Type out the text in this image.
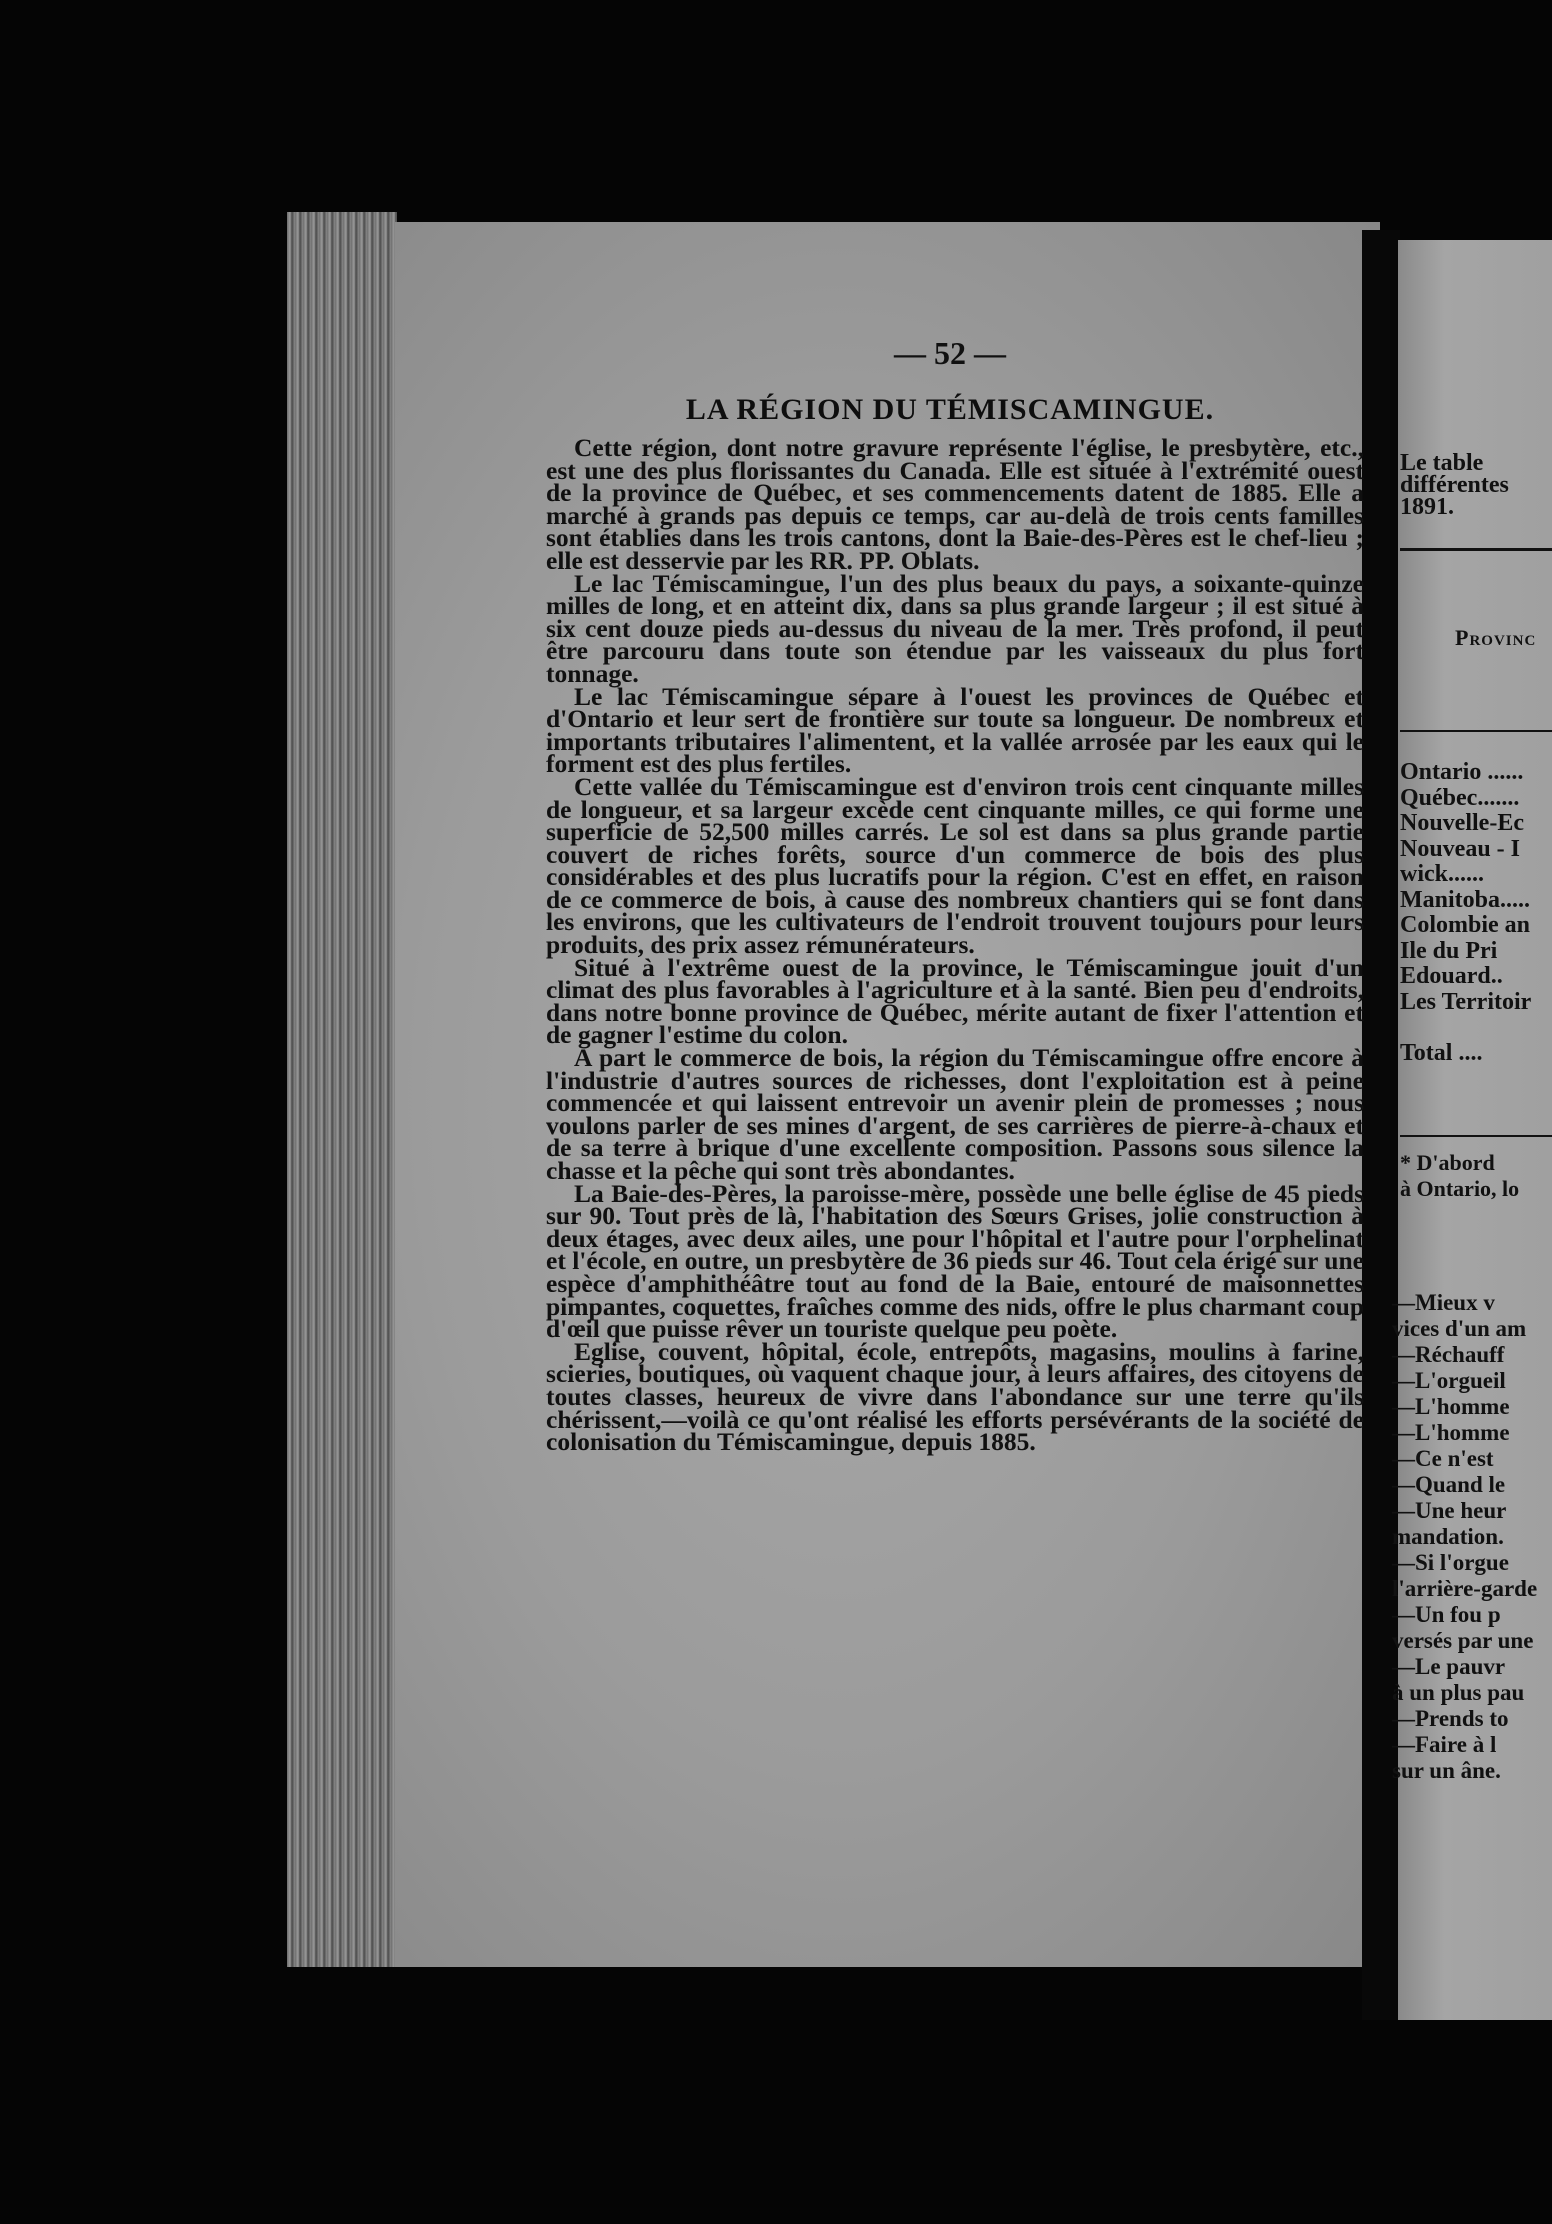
— 52 —
LA RÉGION DU TÉMISCAMINGUE.

Cette région, dont notre gravure représente l'église, le presbytère, etc., est une des plus florissantes du Canada. Elle est située à l'extrémité ouest de la province de Québec, et ses commencements datent de 1885. Elle a marché à grands pas depuis ce temps, car au-delà de trois cents familles sont établies dans les trois cantons, dont la Baie-des-Pères est le chef-lieu ; elle est desservie par les RR. PP. Oblats.

Le lac Témiscamingue, l'un des plus beaux du pays, a soixante-quinze milles de long, et en atteint dix, dans sa plus grande largeur ; il est situé à six cent douze pieds au-dessus du niveau de la mer. Très profond, il peut être parcouru dans toute son étendue par les vaisseaux du plus fort tonnage.

Le lac Témiscamingue sépare à l'ouest les provinces de Québec et d'Ontario et leur sert de frontière sur toute sa longueur. De nombreux et importants tributaires l'alimentent, et la vallée arrosée par les eaux qui le forment est des plus fertiles.

Cette vallée du Témiscamingue est d'environ trois cent cinquante milles de longueur, et sa largeur excède cent cinquante milles, ce qui forme une superficie de 52,500 milles carrés. Le sol est dans sa plus grande partie couvert de riches forêts, source d'un commerce de bois des plus considérables et des plus lucratifs pour la région. C'est en effet, en raison de ce commerce de bois, à cause des nombreux chantiers qui se font dans les environs, que les cultivateurs de l'endroit trouvent toujours pour leurs produits, des prix assez rémunérateurs.

Situé à l'extrême ouest de la province, le Témiscamingue jouit d'un climat des plus favorables à l'agriculture et à la santé. Bien peu d'endroits, dans notre bonne province de Québec, mérite autant de fixer l'attention et de gagner l'estime du colon.

A part le commerce de bois, la région du Témiscamingue offre encore à l'industrie d'autres sources de richesses, dont l'exploitation est à peine commencée et qui laissent entrevoir un avenir plein de promesses ; nous voulons parler de ses mines d'argent, de ses carrières de pierre-à-chaux et de sa terre à brique d'une excellente composition. Passons sous silence la chasse et la pêche qui sont très abondantes.

La Baie-des-Pères, la paroisse-mère, possède une belle église de 45 pieds sur 90. Tout près de là, l'habitation des Sœurs Grises, jolie construction à deux étages, avec deux ailes, une pour l'hôpital et l'autre pour l'orphelinat et l'école, en outre, un presbytère de 36 pieds sur 46. Tout cela érigé sur une espèce d'amphithéâtre tout au fond de la Baie, entouré de maisonnettes pimpantes, coquettes, fraîches comme des nids, offre le plus charmant coup d'œil que puisse rêver un touriste quelque peu poète.

Eglise, couvent, hôpital, école, entrepôts, magasins, moulins à farine, scieries, boutiques, où vaquent chaque jour, à leurs affaires, des citoyens de toutes classes, heureux de vivre dans l'abondance sur une terre qu'ils chérissent,—voilà ce qu'ont réalisé les efforts persévérants de la société de colonisation du Témiscamingue, depuis 1885.

Le table
différentes
1891.
Provinc
Ontario ......
Québec.......
Nouvelle-Ec
Nouveau - I
wick......
Manitoba.....
Colombie an
Ile du Pri
Edouard..
Les Territoir

Total ....
* D'abord
à Ontario, lo
—Mieux v
vices d'un am
—Réchauff
—L'orgueil
—L'homme
—L'homme
—Ce n'est
—Quand le
—Une heur
mandation.
—Si l'orgue
l'arrière-garde
—Un fou p
versés par une
—Le pauvr
à un plus pau
—Prends to
—Faire à l
sur un âne.
